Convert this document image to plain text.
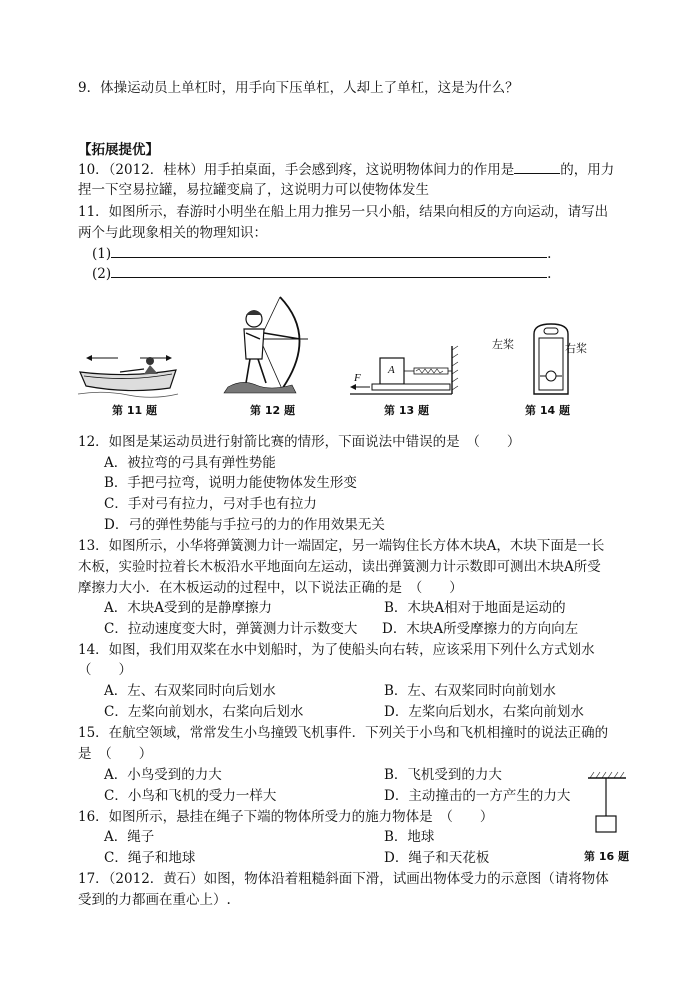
9．体操运动员上单杠时，用手向下压单杠，人却上了单杠，这是为什么？
【拓展提优】
10．（2012．桂林）用手拍桌面，手会感到疼，这说明物体间力的作用是	的，用力
捏一下空易拉罐，易拉罐变扁了，这说明力可以使物体发生
11．如图所示，春游时小明坐在船上用力推另一只小船，结果向相反的方向运动，请写出
两个与此现象相关的物理知识：
(1)	.
(2)	.
第 11 题	第 12 题
A
F
第 13 题
左桨	右桨
第 14 题
12．如图是某运动员进行射箭比赛的情形，下面说法中错误的是　（　　）
A．被拉弯的弓具有弹性势能
B．手把弓拉弯，说明力能使物体发生形变
C．手对弓有拉力，弓对手也有拉力
D．弓的弹性势能与手拉弓的力的作用效果无关
13．如图所示，小华将弹簧测力计一端固定，另一端钩住长方体木块A，木块下面是一长
木板，实验时拉着长木板沿水平地面向左运动，读出弹簧测力计示数即可测出木块A所受
摩擦力大小．在木板运动的过程中，以下说法正确的是　（　　）
A．木块A受到的是静摩擦力	B．木块A相对于地面是运动的
C．拉动速度变大时，弹簧测力计示数变大 D．木块A所受摩擦力的方向向左
14．如图，我们用双桨在水中划船时，为了使船头向右转，应该采用下列什么方式划水
（　　）
A．左、右双桨同时向后划水	B．左、右双桨同时向前划水
C．左桨向前划水，右桨向后划水	D．左桨向后划水，右桨向前划水
15．在航空领域，常常发生小鸟撞毁飞机事件．下列关于小鸟和飞机相撞时的说法正确的
是　（　　）
A．小鸟受到的力大	B．飞机受到的力大
C．小鸟和飞机的受力一样大	D．主动撞击的一方产生的力大
第 16 题
16．如图所示，悬挂在绳子下端的物体所受力的施力物体是　（　　）
A．绳子	B．地球
C．绳子和地球	D．绳子和天花板
17．（2012．黄石）如图，物体沿着粗糙斜面下滑，试画出物体受力的示意图（请将物体
受到的力都画在重心上）.
